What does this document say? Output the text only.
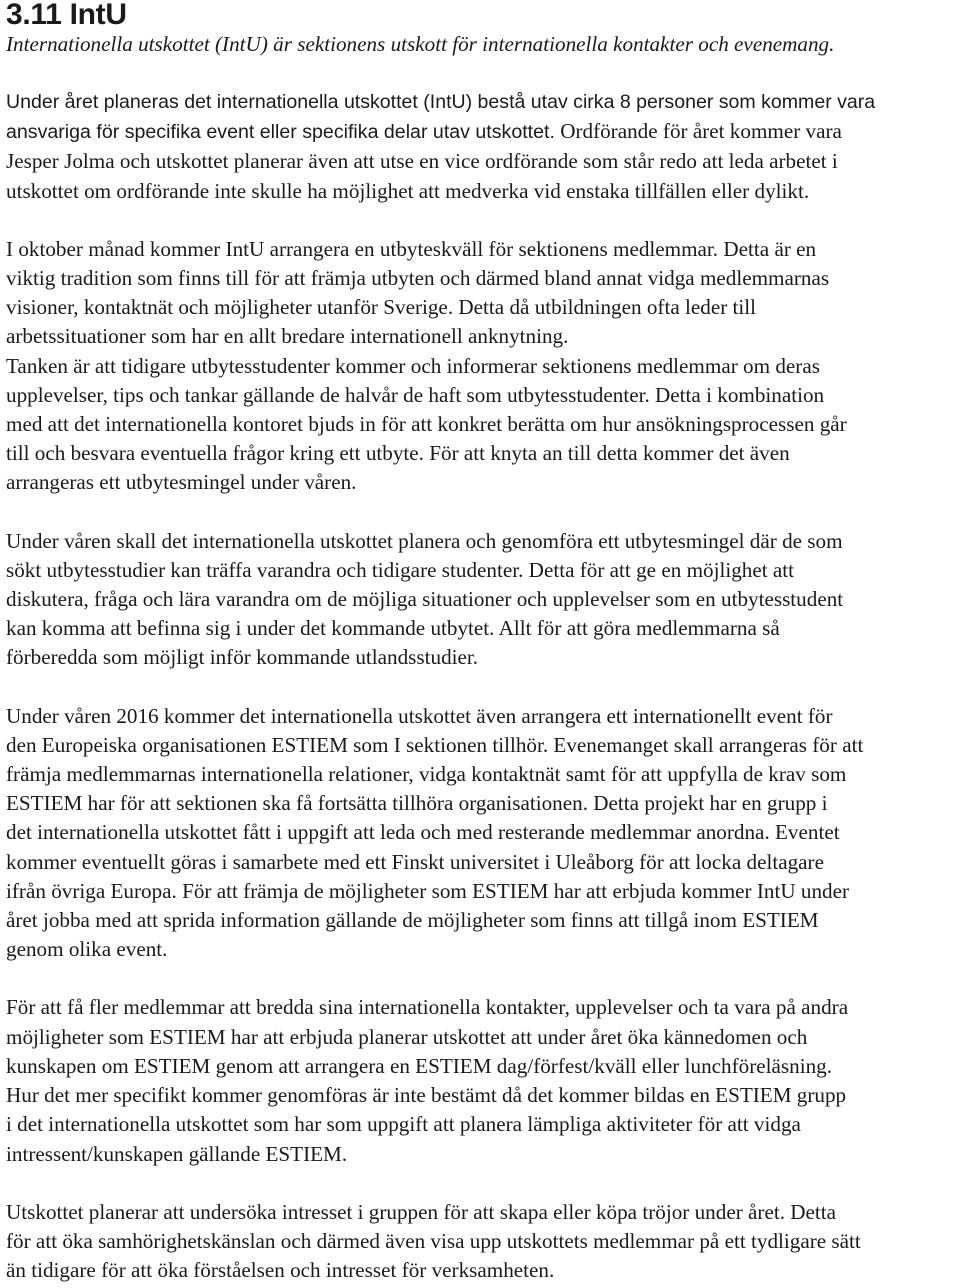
3.11 IntU

Internationella utskottet (IntU) är sektionens utskott för internationella kontakter och evenemang.

Under året planeras det internationella utskottet (IntU) bestå utav cirka 8 personer som kommer vara
ansvariga för specifika event eller specifika delar utav utskottet. Ordförande för året kommer vara
Jesper Jolma och utskottet planerar även att utse en vice ordförande som står redo att leda arbetet i
utskottet om ordförande inte skulle ha möjlighet att medverka vid enstaka tillfällen eller dylikt.
I oktober månad kommer IntU arrangera en utbyteskväll för sektionens medlemmar. Detta är en
viktig tradition som finns till för att främja utbyten och därmed bland annat vidga medlemmarnas
visioner, kontaktnät och möjligheter utanför Sverige. Detta då utbildningen ofta leder till
arbetssituationer som har en allt bredare internationell anknytning.
Tanken är att tidigare utbytesstudenter kommer och informerar sektionens medlemmar om deras
upplevelser, tips och tankar gällande de halvår de haft som utbytesstudenter. Detta i kombination
med att det internationella kontoret bjuds in för att konkret berätta om hur ansökningsprocessen går
till och besvara eventuella frågor kring ett utbyte. För att knyta an till detta kommer det även
arrangeras ett utbytesmingel under våren.
Under våren skall det internationella utskottet planera och genomföra ett utbytesmingel där de som
sökt utbytesstudier kan träffa varandra och tidigare studenter. Detta för att ge en möjlighet att
diskutera, fråga och lära varandra om de möjliga situationer och upplevelser som en utbytesstudent
kan komma att befinna sig i under det kommande utbytet. Allt för att göra medlemmarna så
förberedda som möjligt inför kommande utlandsstudier.
Under våren 2016 kommer det internationella utskottet även arrangera ett internationellt event för
den Europeiska organisationen ESTIEM som I sektionen tillhör. Evenemanget skall arrangeras för att
främja medlemmarnas internationella relationer, vidga kontaktnät samt för att uppfylla de krav som
ESTIEM har för att sektionen ska få fortsätta tillhöra organisationen. Detta projekt har en grupp i
det internationella utskottet fått i uppgift att leda och med resterande medlemmar anordna. Eventet
kommer eventuellt göras i samarbete med ett Finskt universitet i Uleåborg för att locka deltagare
ifrån övriga Europa. För att främja de möjligheter som ESTIEM har att erbjuda kommer IntU under
året jobba med att sprida information gällande de möjligheter som finns att tillgå inom ESTIEM
genom olika event.
För att få fler medlemmar att bredda sina internationella kontakter, upplevelser och ta vara på andra
möjligheter som ESTIEM har att erbjuda planerar utskottet att under året öka kännedomen och
kunskapen om ESTIEM genom att arrangera en ESTIEM dag/förfest/kväll eller lunchföreläsning.
Hur det mer specifikt kommer genomföras är inte bestämt då det kommer bildas en ESTIEM grupp
i det internationella utskottet som har som uppgift att planera lämpliga aktiviteter för att vidga
intressent/kunskapen gällande ESTIEM.
Utskottet planerar att undersöka intresset i gruppen för att skapa eller köpa tröjor under året. Detta
för att öka samhörighetskänslan och därmed även visa upp utskottets medlemmar på ett tydligare sätt
än tidigare för att öka förståelsen och intresset för verksamheten.
